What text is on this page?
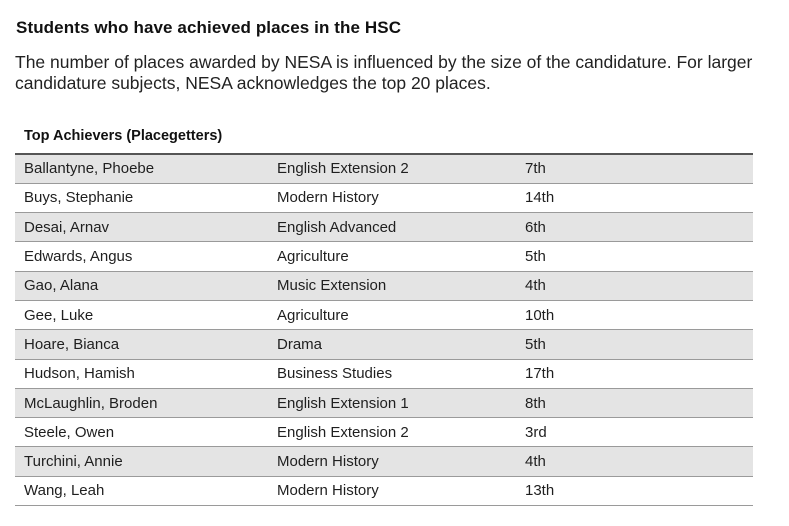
Students who have achieved places in the HSC

The number of places awarded by NESA is influenced by the size of the candidature. For larger candidature subjects, NESA acknowledges the top 20 places.

Top Achievers (Placegetters)
Ballantyne, Phoebe	English Extension 2	7th
Buys, Stephanie	Modern History	14th
Desai, Arnav	English Advanced	6th
Edwards, Angus	Agriculture	5th
Gao, Alana	Music Extension	4th
Gee, Luke	Agriculture	10th
Hoare, Bianca	Drama	5th
Hudson, Hamish	Business Studies	17th
McLaughlin, Broden	English Extension 1	8th
Steele, Owen	English Extension 2	3rd
Turchini, Annie	Modern History	4th
Wang, Leah	Modern History	13th
